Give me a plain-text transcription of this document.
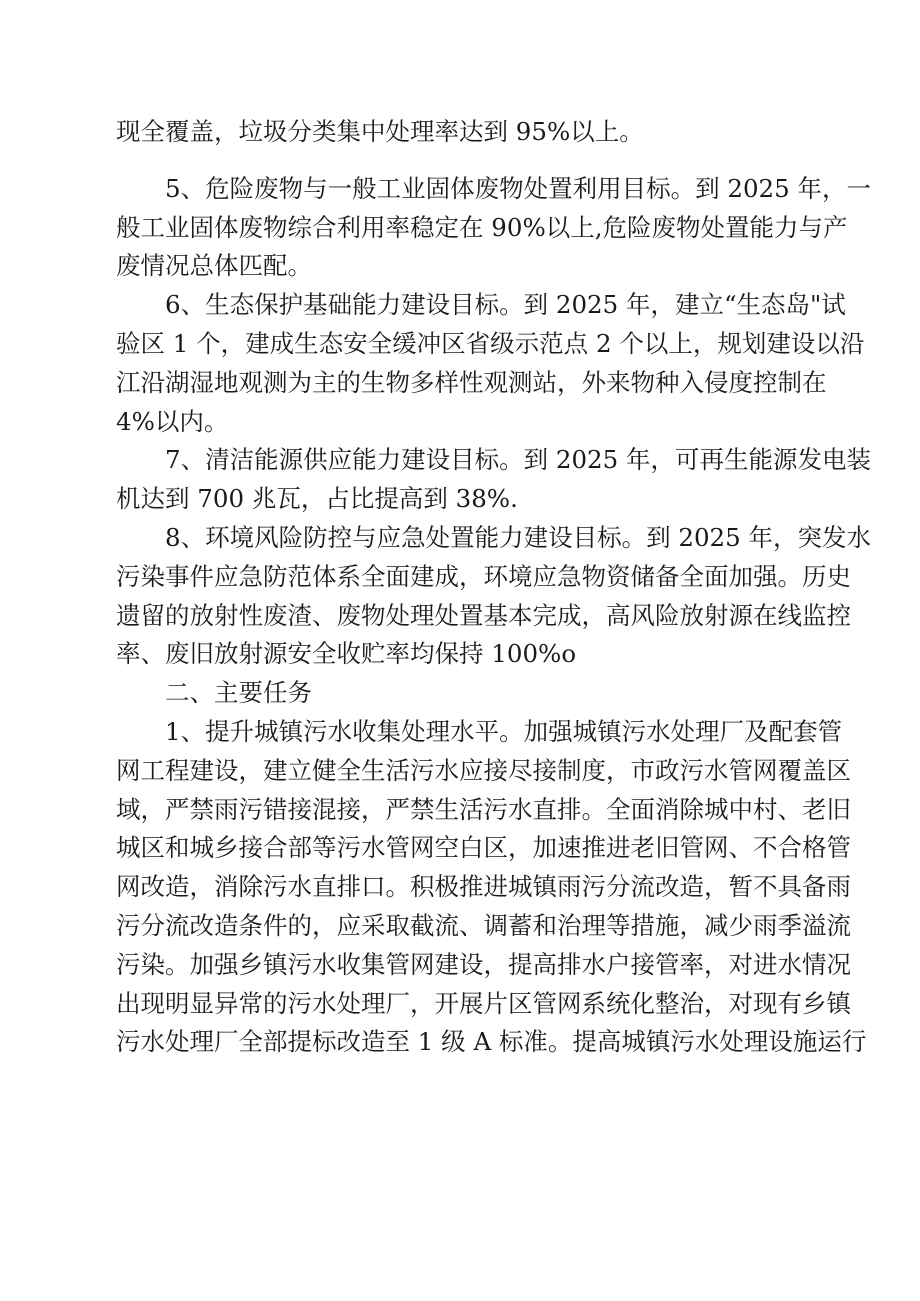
现全覆盖，垃圾分类集中处理率达到 95%以上。
5、危险废物与一般工业固体废物处置利用目标。到 2025 年，一
般工业固体废物综合利用率稳定在 90%以上,危险废物处置能力与产
废情况总体匹配。
6、生态保护基础能力建设目标。到 2025 年，建立“生态岛"试
验区 1 个，建成生态安全缓冲区省级示范点 2 个以上，规划建设以沿
江沿湖湿地观测为主的生物多样性观测站，外来物种入侵度控制在
4%以内。
7、清洁能源供应能力建设目标。到 2025 年，可再生能源发电装
机达到 700 兆瓦，占比提高到 38%.
8、环境风险防控与应急处置能力建设目标。到 2025 年，突发水
污染事件应急防范体系全面建成，环境应急物资储备全面加强。历史
遗留的放射性废渣、废物处理处置基本完成，高风险放射源在线监控
率、废旧放射源安全收贮率均保持 100%o
二、主要任务
1、提升城镇污水收集处理水平。加强城镇污水处理厂及配套管
网工程建设，建立健全生活污水应接尽接制度，市政污水管网覆盖区
域，严禁雨污错接混接，严禁生活污水直排。全面消除城中村、老旧
城区和城乡接合部等污水管网空白区，加速推进老旧管网、不合格管
网改造，消除污水直排口。积极推进城镇雨污分流改造，暂不具备雨
污分流改造条件的，应采取截流、调蓄和治理等措施，减少雨季溢流
污染。加强乡镇污水收集管网建设，提高排水户接管率，对进水情况
出现明显异常的污水处理厂，开展片区管网系统化整治，对现有乡镇
污水处理厂全部提标改造至 1 级 A 标准。提高城镇污水处理设施运行
